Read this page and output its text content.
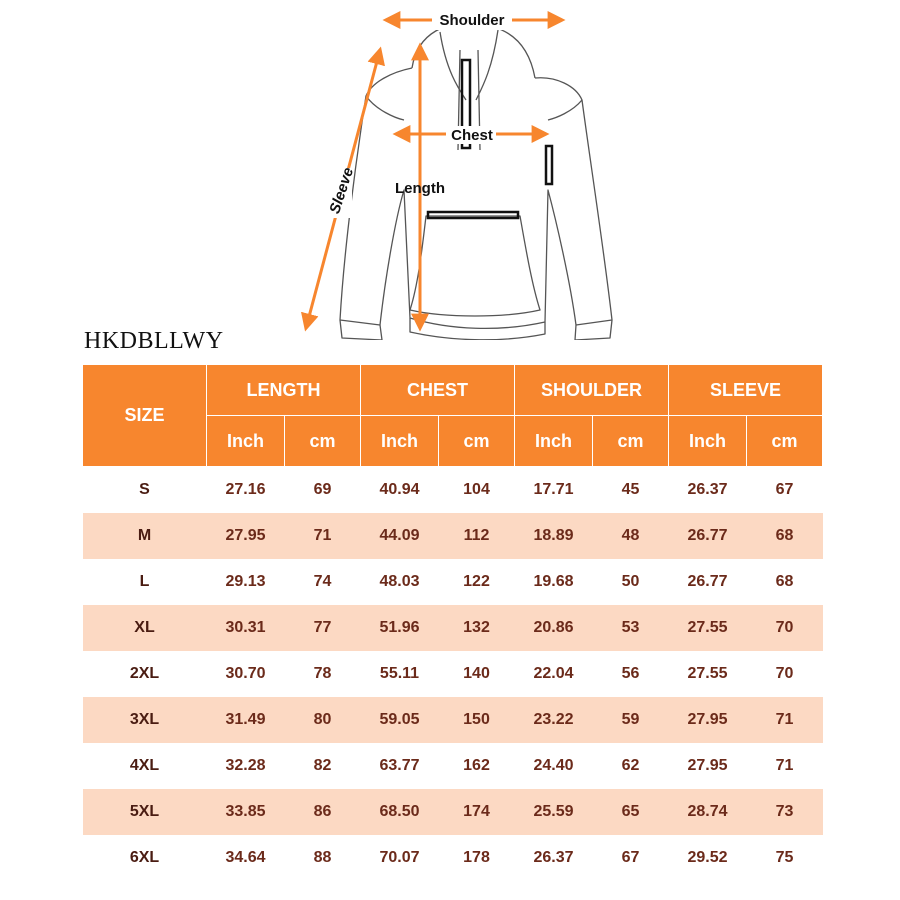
Shoulder
Chest
Length
Sleeve
HKDBLLWY
SIZE	LENGTH		CHEST		SHOULDER		SLEEVE	
	Inch	cm	Inch	cm	Inch	cm	Inch	cm
S	27.16	69	40.94	104	17.71	45	26.37	67
M	27.95	71	44.09	112	18.89	48	26.77	68
L	29.13	74	48.03	122	19.68	50	26.77	68
XL	30.31	77	51.96	132	20.86	53	27.55	70
2XL	30.70	78	55.11	140	22.04	56	27.55	70
3XL	31.49	80	59.05	150	23.22	59	27.95	71
4XL	32.28	82	63.77	162	24.40	62	27.95	71
5XL	33.85	86	68.50	174	25.59	65	28.74	73
6XL	34.64	88	70.07	178	26.37	67	29.52	75
